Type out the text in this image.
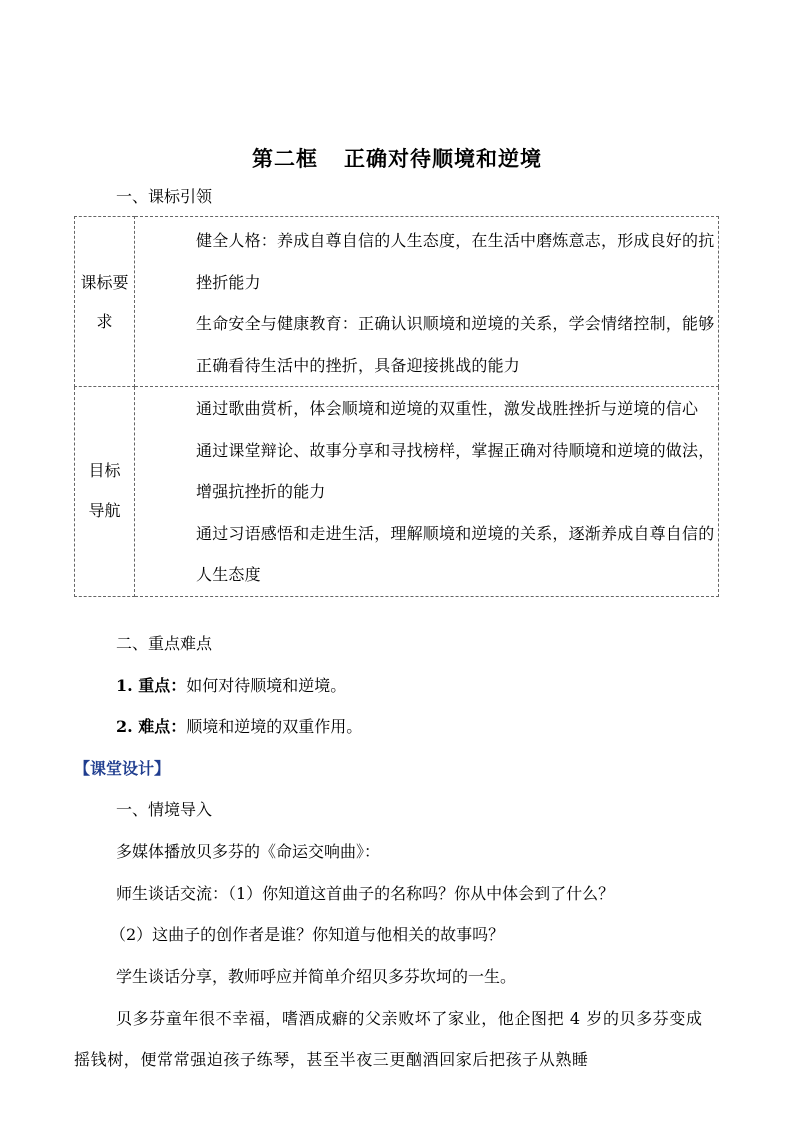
第二框 正确对待顺境和逆境
一、课标引领
课标要求	健全人格：养成自尊自信的人生态度，在生活中磨炼意志，形成良好的抗挫折能力

生命安全与健康教育：正确认识顺境和逆境的关系，学会情绪控制，能够正确看待生活中的挫折，具备迎接挑战的能力

目标导航	通过歌曲赏析，体会顺境和逆境的双重性，激发战胜挫折与逆境的信心

通过课堂辩论、故事分享和寻找榜样，掌握正确对待顺境和逆境的做法，增强抗挫折的能力

通过习语感悟和走进生活，理解顺境和逆境的关系，逐渐养成自尊自信的人生态度

二、重点难点
1. 重点：如何对待顺境和逆境。
2. 难点：顺境和逆境的双重作用。
【课堂设计】
一、情境导入
多媒体播放贝多芬的《命运交响曲》：
师生谈话交流：（1）你知道这首曲子的名称吗？你从中体会到了什么？
（2）这曲子的创作者是谁？你知道与他相关的故事吗？
学生谈话分享，教师呼应并简单介绍贝多芬坎坷的一生。
贝多芬童年很不幸福，嗜酒成癖的父亲败坏了家业，他企图把 4 岁的贝多芬变成摇钱树，便常常强迫孩子练琴，甚至半夜三更酗酒回家后把孩子从熟睡
